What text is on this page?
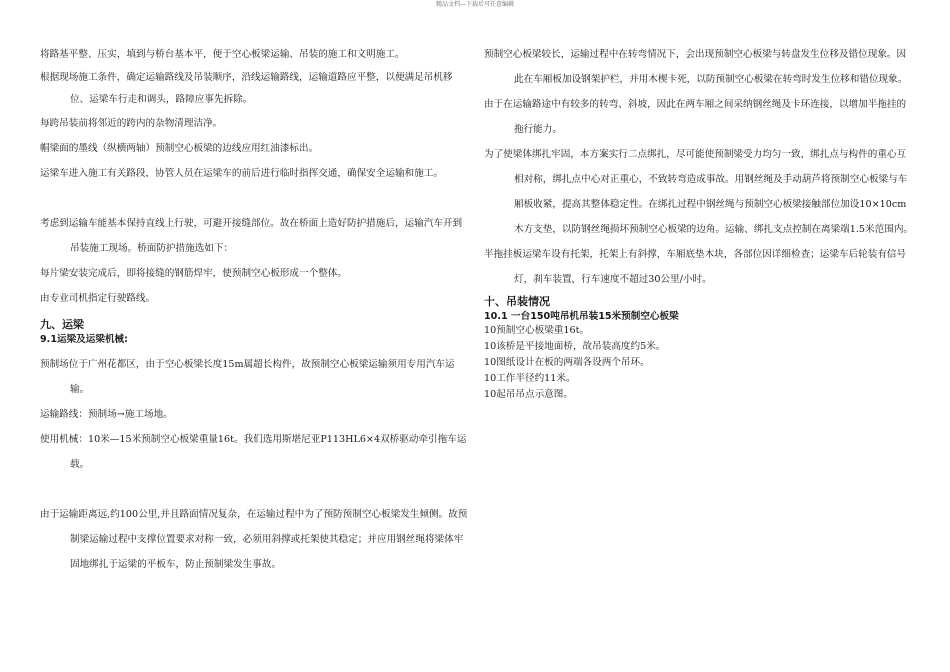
精品文档---下载后可任意编辑

将路基平整、压实，填到与桥台基本平，便于空心板梁运输、吊装的施工和文明施工。

根据现场施工条件，确定运输路线及吊装顺序，沿线运输路线，运输道路应平整，以便满足吊机移位、运梁车行走和调头，路障应事先拆除。

每跨吊装前将邻近的跨内的杂物清理洁净。

帽梁面的墨线（纵横两轴）预制空心板梁的边线应用红油漆标出。

运梁车进入施工有关路段，协管人员在运梁车的前后进行临时指挥交通，确保安全运输和施工。

考虑到运输车能基本保持直线上行驶，可避开接缝部位。故在桥面上造好防护措施后，运输汽车开到吊装施工现场。桥面防护措施选如下：

每片梁安装完成后，即将接缝的钢筋焊牢，使预制空心板形成一个整体。

由专业司机指定行驶路线。

九、运梁

9.1运梁及运梁机械:

预制场位于广州花都区，由于空心板梁长度15m属超长构件，故预制空心板梁运输须用专用汽车运输。

运输路线：预制场→施工场地。

使用机械：10米—15米预制空心板梁重量16t。我们选用斯堪尼亚P113HL6×4双桥驱动牵引拖车运载。

由于运输距离远,约100公里,并且路面情况复杂，在运输过程中为了预防预制空心板梁发生倾侧。故预制梁运输过程中支撑位置要求对称一致，必须用斜撑或托架使其稳定；并应用钢丝绳将梁体牢固地绑扎于运梁的平板车，防止预制梁发生事故。

预制空心板梁较长，运输过程中在转弯情况下，会出现预制空心板梁与转盘发生位移及错位现象。因此在车厢板加设钢架护栏，并用木楔卡死，以防预制空心板梁在转弯时发生位移和错位现象。

由于在运输路途中有较多的转弯、斜坡，因此在两车厢之间采纳钢丝绳及卡环连接，以增加半拖挂的拖行能力。

为了使梁体绑扎牢固，本方案实行二点绑扎，尽可能使预制梁受力均匀一致，绑扎点与构件的重心互相对称，绑扎点中心对正重心，不致转弯造成事故。用钢丝绳及手动葫芦将预制空心板梁与车厢板收紧，提高其整体稳定性。在绑扎过程中钢丝绳与预制空心板梁接触部位加设10×10cm木方支垫，以防钢丝绳损坏预制空心板梁的边角。运输、绑扎支点控制在离梁端1.5米范围内。

半拖挂板运梁车设有托架，托架上有斜撑，车厢底垫木块，各部位因详细检查；运梁车后轮装有信号灯，刹车装置，行车速度不超过30公里/小时。

十、吊装情况

10.1 一台150吨吊机吊装15米预制空心板梁

10预制空心板梁重16t。

10该桥是平接地面桥，故吊装高度约5米。

10图纸设计在板的两端各设两个吊环。

10工作半径约11米。

10起吊吊点示意图。
